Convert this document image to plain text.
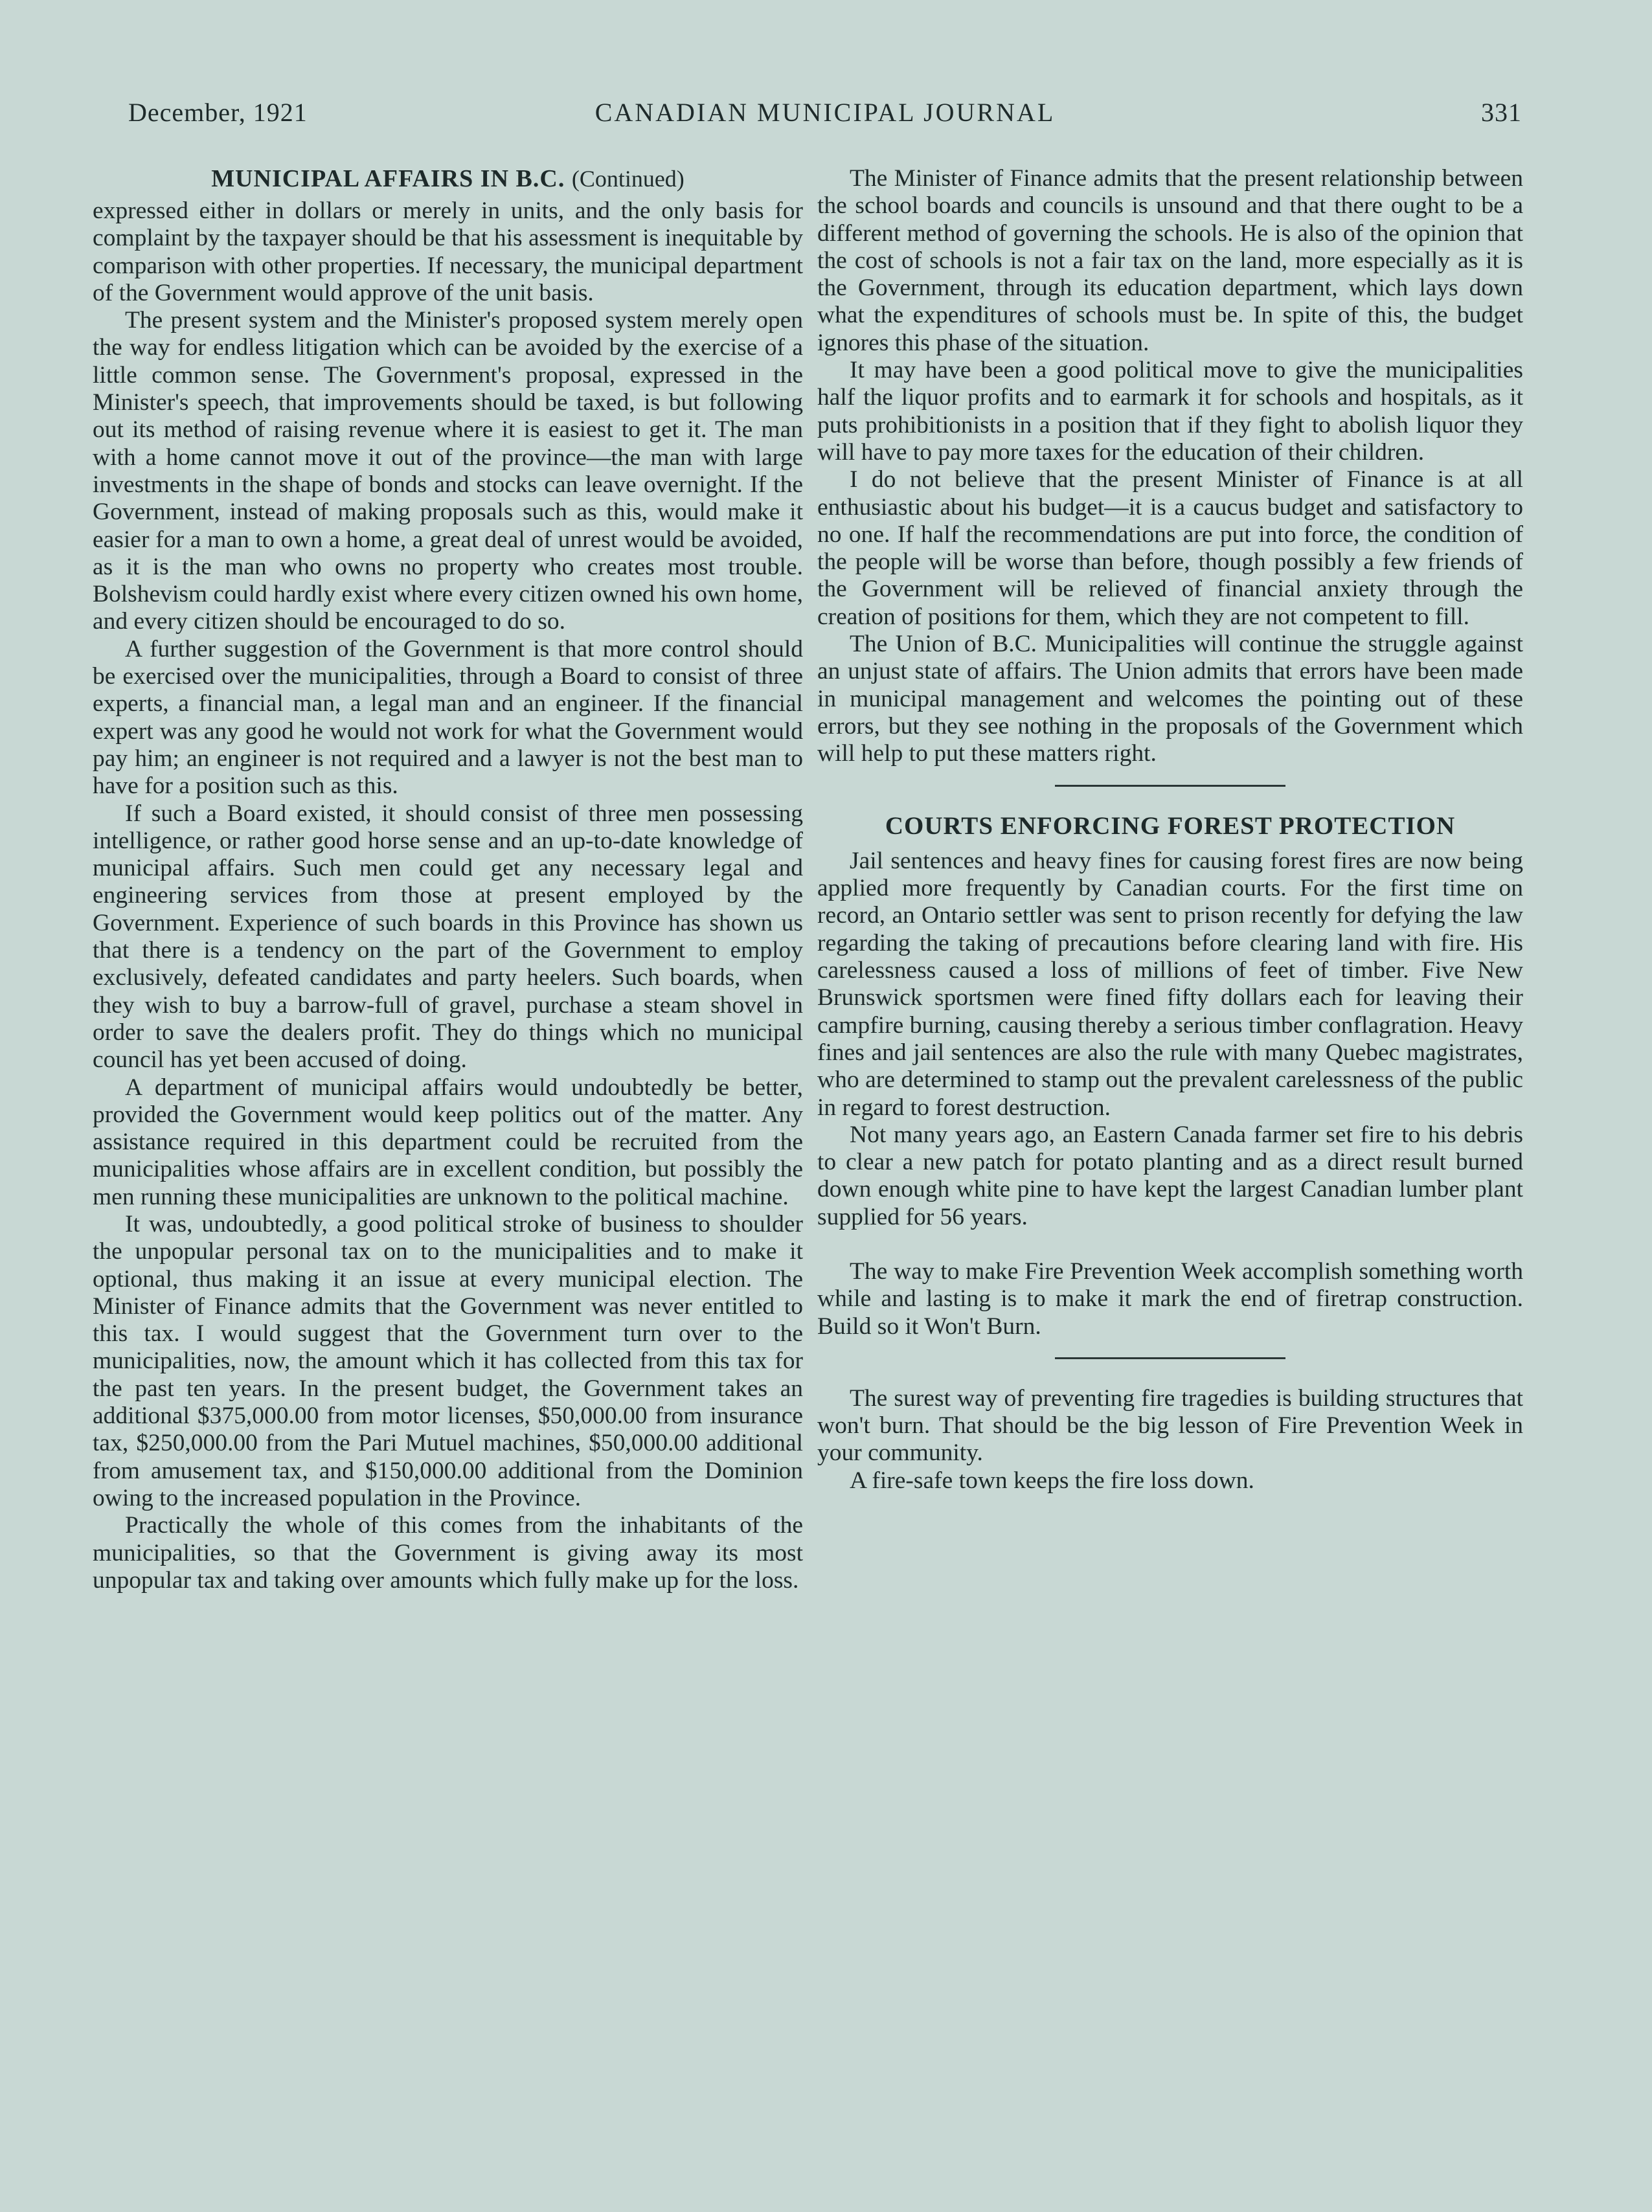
December, 1921	CANADIAN MUNICIPAL JOURNAL	331
MUNICIPAL AFFAIRS IN B.C. (Continued)

expressed either in dollars or merely in units, and the only basis for complaint by the taxpayer should be that his assessment is inequitable by comparison with other properties. If necessary, the municipal department of the Government would approve of the unit basis.

The present system and the Minister's proposed system merely open the way for endless litigation which can be avoided by the exercise of a little common sense. The Government's proposal, expressed in the Minister's speech, that improvements should be taxed, is but following out its method of raising revenue where it is easiest to get it. The man with a home cannot move it out of the province—the man with large investments in the shape of bonds and stocks can leave overnight. If the Government, instead of making proposals such as this, would make it easier for a man to own a home, a great deal of unrest would be avoided, as it is the man who owns no property who creates most trouble. Bolshevism could hardly exist where every citizen owned his own home, and every citizen should be encouraged to do so.

A further suggestion of the Government is that more control should be exercised over the municipalities, through a Board to consist of three experts, a financial man, a legal man and an engineer. If the financial expert was any good he would not work for what the Government would pay him; an engineer is not required and a lawyer is not the best man to have for a position such as this.

If such a Board existed, it should consist of three men possessing intelligence, or rather good horse sense and an up-to-date knowledge of municipal affairs. Such men could get any necessary legal and engineering services from those at present employed by the Government. Experience of such boards in this Province has shown us that there is a tendency on the part of the Government to employ exclusively, defeated candidates and party heelers. Such boards, when they wish to buy a barrow-full of gravel, purchase a steam shovel in order to save the dealers profit. They do things which no municipal council has yet been accused of doing.

A department of municipal affairs would undoubtedly be better, provided the Government would keep politics out of the matter. Any assistance required in this department could be recruited from the municipalities whose affairs are in excellent condition, but possibly the men running these municipalities are unknown to the political machine.

It was, undoubtedly, a good political stroke of business to shoulder the unpopular personal tax on to the municipalities and to make it optional, thus making it an issue at every municipal election. The Minister of Finance admits that the Government was never entitled to this tax. I would suggest that the Government turn over to the municipalities, now, the amount which it has collected from this tax for the past ten years. In the present budget, the Government takes an additional $375,000.00 from motor licenses, $50,000.00 from insurance tax, $250,000.00 from the Pari Mutuel machines, $50,000.00 additional from amusement tax, and $150,000.00 additional from the Dominion owing to the increased population in the Province.

Practically the whole of this comes from the inhabitants of the municipalities, so that the Government is giving away its most unpopular tax and taking over amounts which fully make up for the loss.

The Minister of Finance admits that the present relationship between the school boards and councils is unsound and that there ought to be a different method of governing the schools. He is also of the opinion that the cost of schools is not a fair tax on the land, more especially as it is the Government, through its education department, which lays down what the expenditures of schools must be. In spite of this, the budget ignores this phase of the situation.

It may have been a good political move to give the municipalities half the liquor profits and to earmark it for schools and hospitals, as it puts prohibitionists in a position that if they fight to abolish liquor they will have to pay more taxes for the education of their children.

I do not believe that the present Minister of Finance is at all enthusiastic about his budget—it is a caucus budget and satisfactory to no one. If half the recommendations are put into force, the condition of the people will be worse than before, though possibly a few friends of the Government will be relieved of financial anxiety through the creation of positions for them, which they are not competent to fill.

The Union of B.C. Municipalities will continue the struggle against an unjust state of affairs. The Union admits that errors have been made in municipal management and welcomes the pointing out of these errors, but they see nothing in the proposals of the Government which will help to put these matters right.

COURTS ENFORCING FOREST PROTECTION

Jail sentences and heavy fines for causing forest fires are now being applied more frequently by Canadian courts. For the first time on record, an Ontario settler was sent to prison recently for defying the law regarding the taking of precautions before clearing land with fire. His carelessness caused a loss of millions of feet of timber. Five New Brunswick sportsmen were fined fifty dollars each for leaving their campfire burning, causing thereby a serious timber conflagration. Heavy fines and jail sentences are also the rule with many Quebec magistrates, who are determined to stamp out the prevalent carelessness of the public in regard to forest destruction.

Not many years ago, an Eastern Canada farmer set fire to his debris to clear a new patch for potato planting and as a direct result burned down enough white pine to have kept the largest Canadian lumber plant supplied for 56 years.

The way to make Fire Prevention Week accomplish something worth while and lasting is to make it mark the end of firetrap construction. Build so it Won't Burn.

The surest way of preventing fire tragedies is building structures that won't burn. That should be the big lesson of Fire Prevention Week in your community.

A fire-safe town keeps the fire loss down.
